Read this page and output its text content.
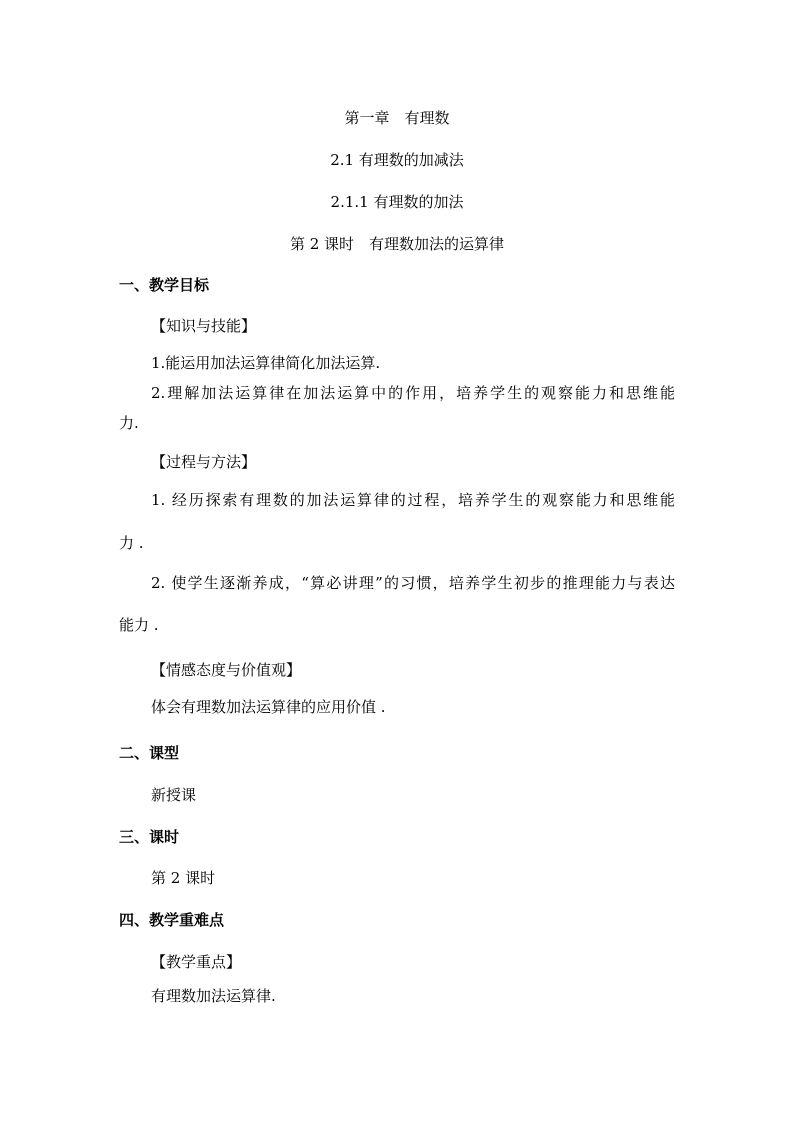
第一章　有理数
2.1 有理数的加减法
2.1.1 有理数的加法
第 2 课时　有理数加法的运算律
一、教学目标
【知识与技能】
1.能运用加法运算律简化加法运算.
2.理解加法运算律在加法运算中的作用，培养学生的观察能力和思维能
力.
【过程与方法】
1. 经历探索有理数的加法运算律的过程，培养学生的观察能力和思维能
力 .
2. 使学生逐渐养成，“算必讲理”的习惯，培养学生初步的推理能力与表达
能力 .
【情感态度与价值观】
体会有理数加法运算律的应用价值 .
二、课型
新授课
三、课时
第 2 课时
四、教学重难点
【教学重点】
有理数加法运算律.
